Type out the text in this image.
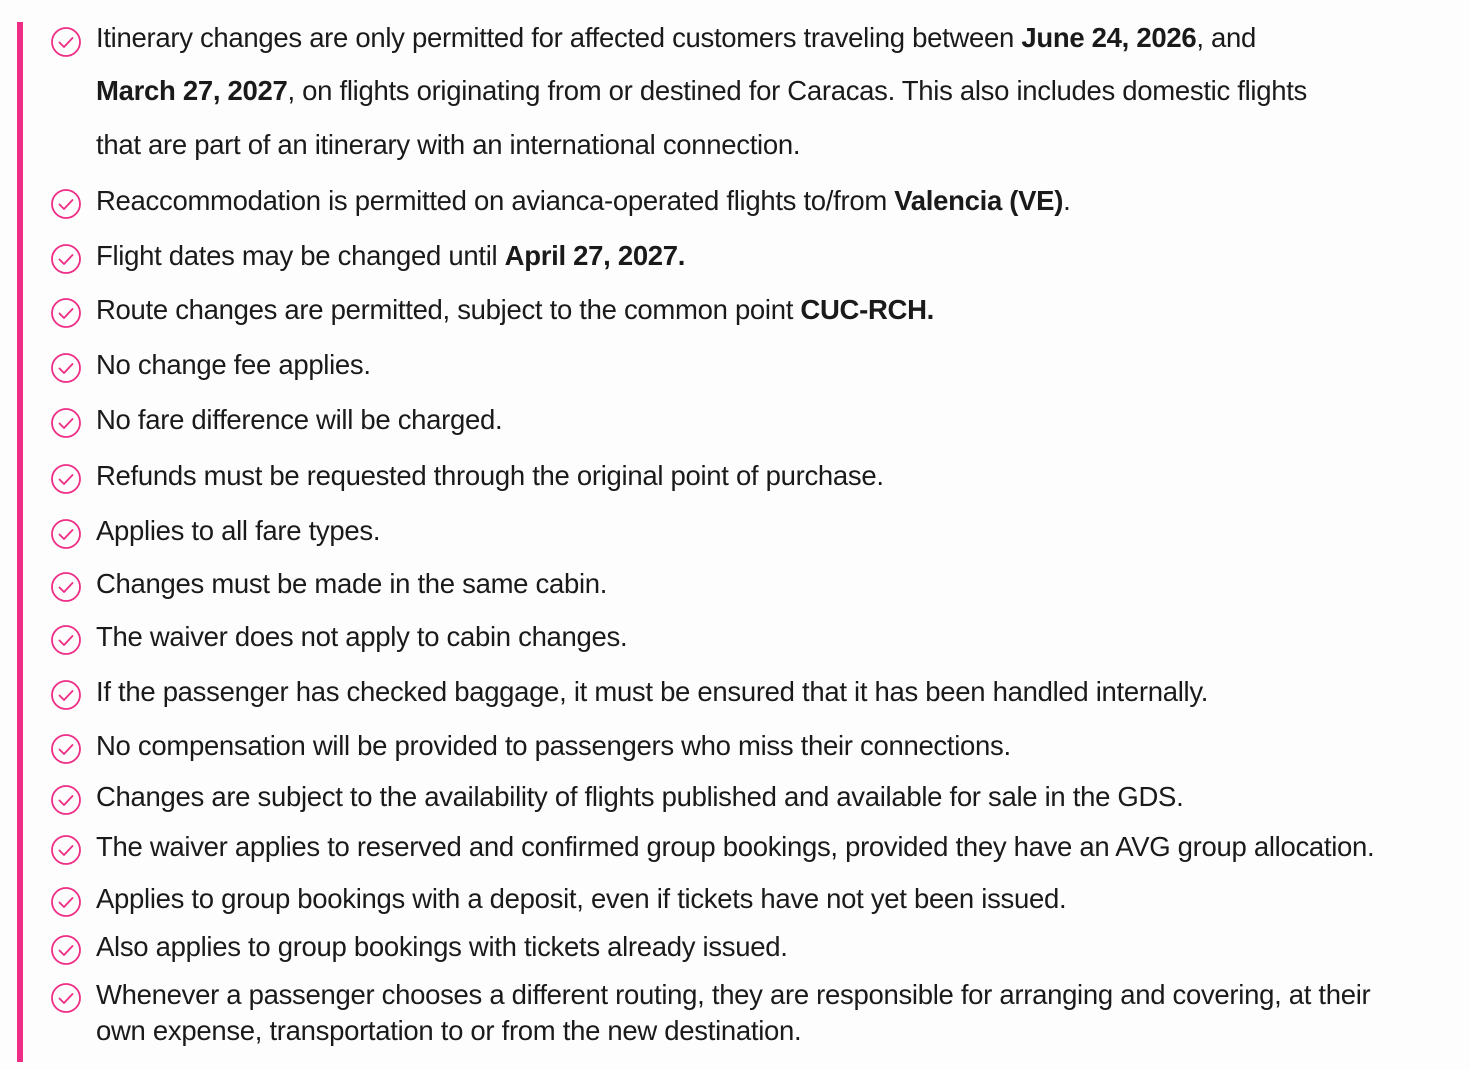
Itinerary changes are only permitted for affected customers traveling between June 24, 2026, and
March 27, 2027, on flights originating from or destined for Caracas. This also includes domestic flights
that are part of an itinerary with an international connection.
Reaccommodation is permitted on avianca-operated flights to/from Valencia (VE).
Flight dates may be changed until April 27, 2027.
Route changes are permitted, subject to the common point CUC-RCH.
No change fee applies.
No fare difference will be charged.
Refunds must be requested through the original point of purchase.
Applies to all fare types.
Changes must be made in the same cabin.
The waiver does not apply to cabin changes.
If the passenger has checked baggage, it must be ensured that it has been handled internally.
No compensation will be provided to passengers who miss their connections.
Changes are subject to the availability of flights published and available for sale in the GDS.
The waiver applies to reserved and confirmed group bookings, provided they have an AVG group allocation.
Applies to group bookings with a deposit, even if tickets have not yet been issued.
Also applies to group bookings with tickets already issued.
Whenever a passenger chooses a different routing, they are responsible for arranging and covering, at their
own expense, transportation to or from the new destination.
